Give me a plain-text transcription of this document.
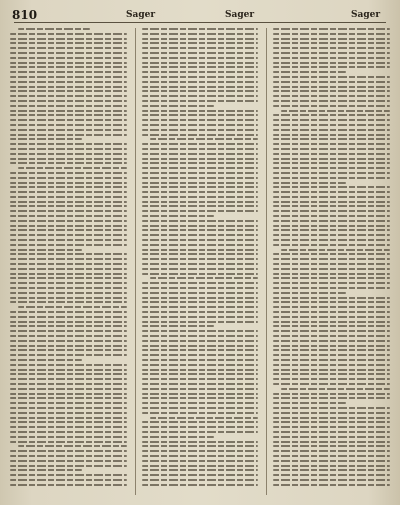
810	Sager	Sager	Sager
